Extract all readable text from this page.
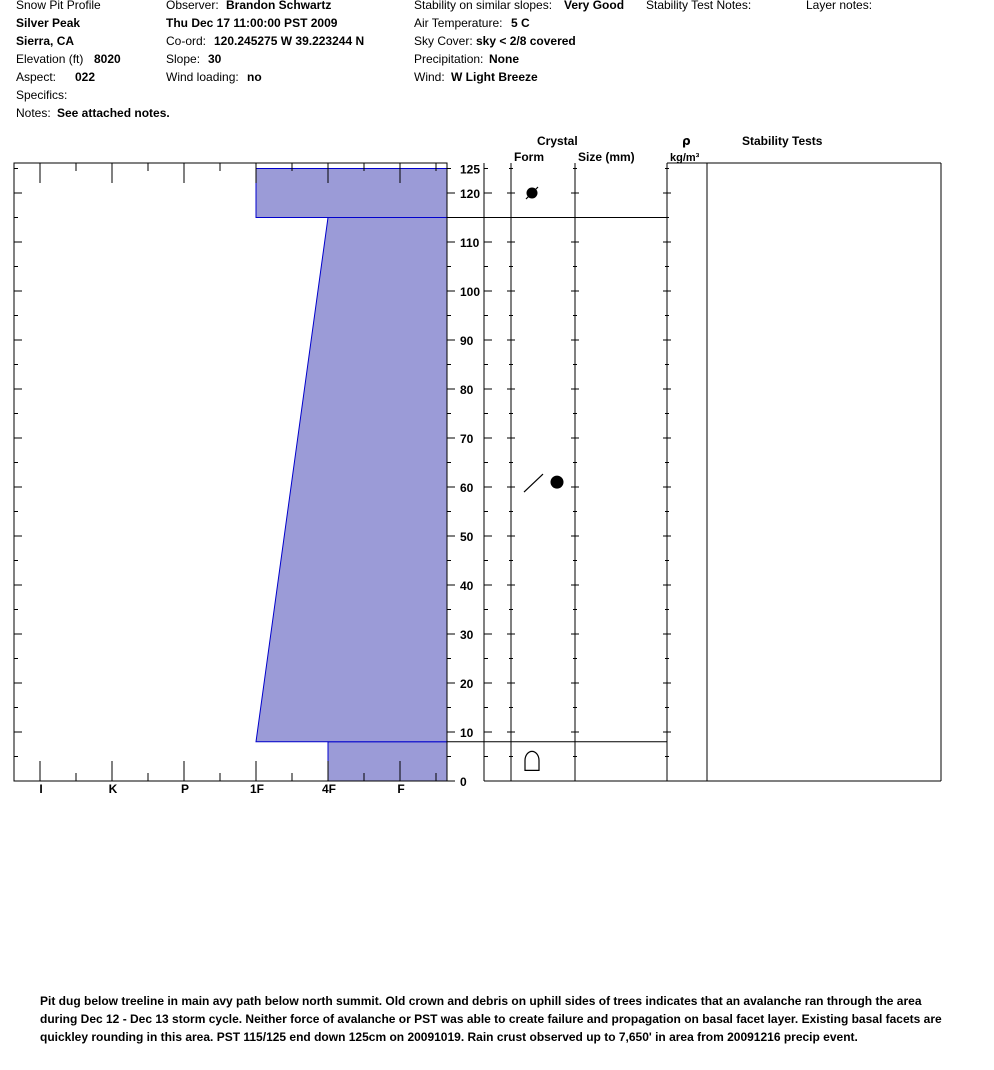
Snow Pit Profile
Silver Peak
Sierra, CA
Elevation (ft) 8020
Aspect: 022
Specifics:
Notes: See attached notes.
Observer: Brandon Schwartz
Thu Dec 17 11:00:00 PST 2009
Co-ord: 120.245275 W 39.223244 N
Slope: 30
Wind loading: no
Stability on similar slopes: Very Good
Air Temperature: 5 C
Sky Cover: sky < 2/8 covered
Precipitation: None
Wind: W Light Breeze
Stability Test Notes:	Layer notes:
Crystal
Form	Size (mm)
ρ
kg/m³
Stability Tests
I	K	P	1F	4F	F	0
10
20
30
40
50
60
70
80
90
100
110
120
125
Pit dug below treeline in main avy path below north summit. Old crown and debris on uphill sides of trees indicates that an avalanche ran through the area during Dec 12 - Dec 13 storm cycle. Neither force of avalanche or PST was able to create failure and propagation on basal facet layer. Existing basal facets are quickley rounding in this area. PST 115/125 end down 125cm on 20091019. Rain crust observed up to 7,650' in area from 20091216 precip event.
